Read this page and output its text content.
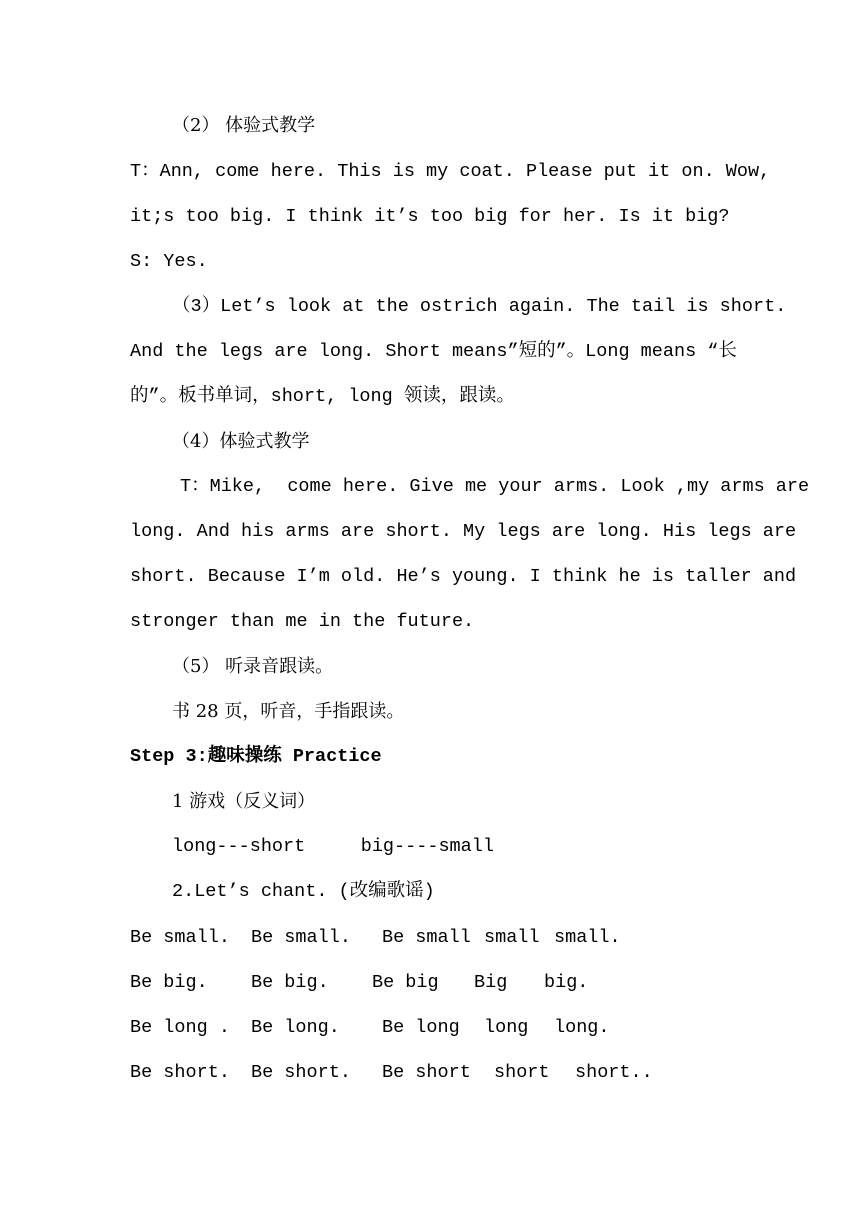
（2） 体验式教学
T：Ann, come here. This is my coat. Please put it on. Wow,
it;s too big. I think it’s too big for her. Is it big?
S: Yes.
（3）Let’s look at the ostrich again. The tail is short.
And the legs are long. Short means”短的”。Long means “长
的”。板书单词，short, long 领读，跟读。
（4）体验式教学
T：Mike,  come here. Give me your arms. Look ,my arms are
long. And his arms are short. My legs are long. His legs are
short. Because I’m old. He’s young. I think he is taller and
stronger than me in the future.
（5） 听录音跟读。
书 28 页，听音，手指跟读。
Step 3:趣味操练 Practice
1 游戏（反义词）
long---short     big----small
2.Let’s chant. (改编歌谣)

Be small.

Be small.

Be small

small

small.

Be big.

Be big.

Be big

Big

big.

Be long .

Be long.

Be long

long

long.

Be short.

Be short.

Be short

short

short..
